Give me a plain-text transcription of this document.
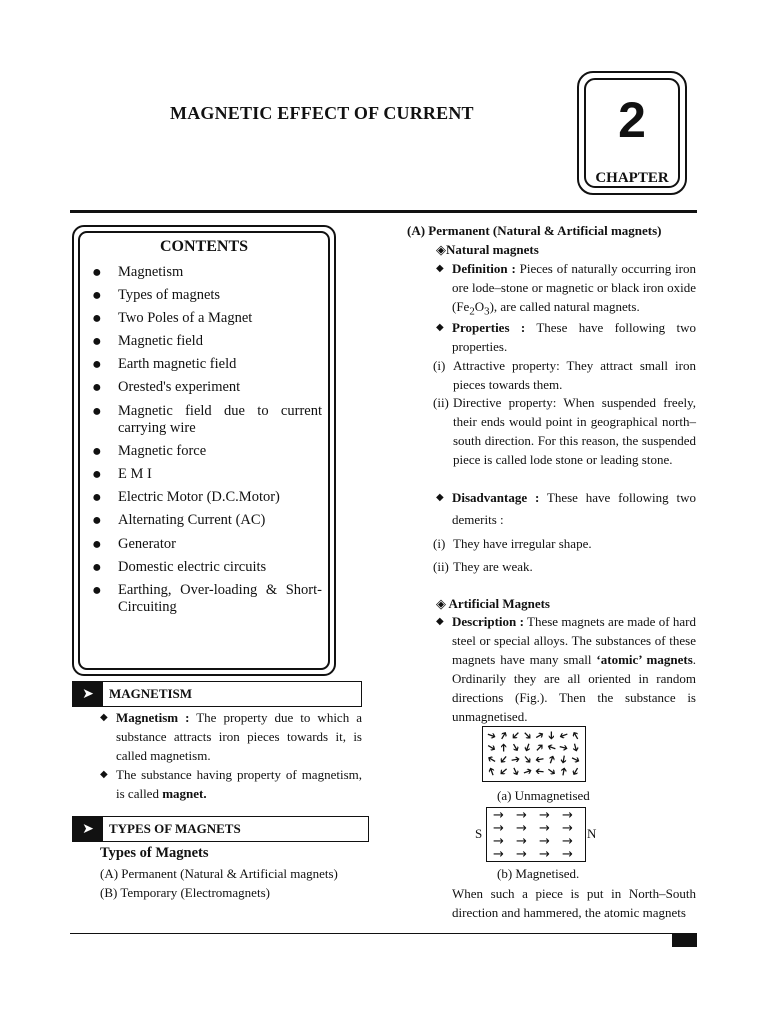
MAGNETIC EFFECT OF CURRENT	2
CHAPTER
CONTENTS
● Magnetism
● Types of magnets
● Two Poles of a Magnet
● Magnetic field
● Earth magnetic field
● Orested's experiment
● Magnetic field due to current carrying wire
● Magnetic force
● E M I
● Electric Motor (D.C.Motor)
● Alternating Current (AC)
● Generator
● Domestic electric circuits
● Earthing, Over-loading & Short-Circuiting
➤	MAGNETISM
◆ Magnetism : The property due to which a substance attracts iron pieces towards it, is called magnetism.
◆ The substance having property of magnetism, is called magnet.
➤	TYPES OF MAGNETS
Types of Magnets
(A) Permanent (Natural & Artificial magnets)
(B) Temporary (Electromagnets)
(A) Permanent (Natural & Artificial magnets)
◈Natural magnets
◆ Definition : Pieces of naturally occurring iron ore lode–stone or magnetic or black iron oxide $(Fe_2O_3)$, are called natural magnets.
◆ Properties : These have following two properties.
(i) Attractive property: They attract small iron pieces towards them.
(ii) Directive property: When suspended freely, their ends would point in geographical north–south direction. For this reason, the suspended piece is called lode stone or leading stone.
◆ Disadvantage : These have following two demerits :
(i) They have irregular shape.
(ii) They are weak.
◈ Artificial Magnets
◆ Description : These magnets are made of hard steel or special alloys. The substances of these magnets have many small ‘atomic’ magnets. Ordinarily they are all oriented in random directions (Fig.). Then the substance is unmagnetised.
➔
➔
➔
➔
➔
➔
➔
➔
➔
➔
➔
➔
➔
➔ ➔
➔
➔
➔
➔
➔
➔
➔
➔
➔
➔
➔
➔
➔ ➔ ➔
➔
➔
(a) Unmagnetised
S
→ → → →
→ → → →
→ → → →
→ → → →
N
(b) Magnetised.
When such a piece is put in North–South direction and hammered, the atomic magnets
